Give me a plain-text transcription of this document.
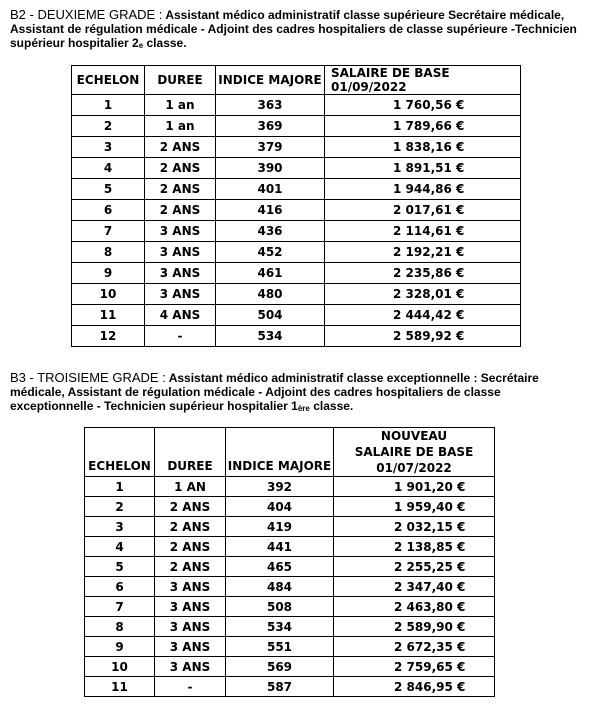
B2 - DEUXIEME GRADE : Assistant médico administratif classe supérieure Secrétaire médicale, Assistant de régulation médicale - Adjoint des cadres hospitaliers de classe supérieure -Technicien supérieur hospitalier $2_e$ classe.
ECHELON	DUREE	INDICE MAJORE	SALAIRE DE BASE 01/09/2022
1	1 an	363	1 760,56 €
2	1 an	369	1 789,66 €
3	2 ANS	379	1 838,16 €
4	2 ANS	390	1 891,51 €
5	2 ANS	401	1 944,86 €
6	2 ANS	416	2 017,61 €
7	3 ANS	436	2 114,61 €
8	3 ANS	452	2 192,21 €
9	3 ANS	461	2 235,86 €
10	3 ANS	480	2 328,01 €
11	4 ANS	504	2 444,42 €
12	-	534	2 589,92 €
B3 - TROISIEME GRADE : Assistant médico administratif classe exceptionnelle : Secrétaire médicale, Assistant de régulation médicale - Adjoint des cadres hospitaliers de classe exceptionnelle - Technicien supérieur hospitalier $1_{ère}$ classe.
ECHELON	DUREE	INDICE MAJORE	NOUVEAU SALAIRE DE BASE 01/07/2022
1	1 AN	392	1 901,20 €
2	2 ANS	404	1 959,40 €
3	2 ANS	419	2 032,15 €
4	2 ANS	441	2 138,85 €
5	2 ANS	465	2 255,25 €
6	3 ANS	484	2 347,40 €
7	3 ANS	508	2 463,80 €
8	3 ANS	534	2 589,90 €
9	3 ANS	551	2 672,35 €
10	3 ANS	569	2 759,65 €
11	-	587	2 846,95 €
